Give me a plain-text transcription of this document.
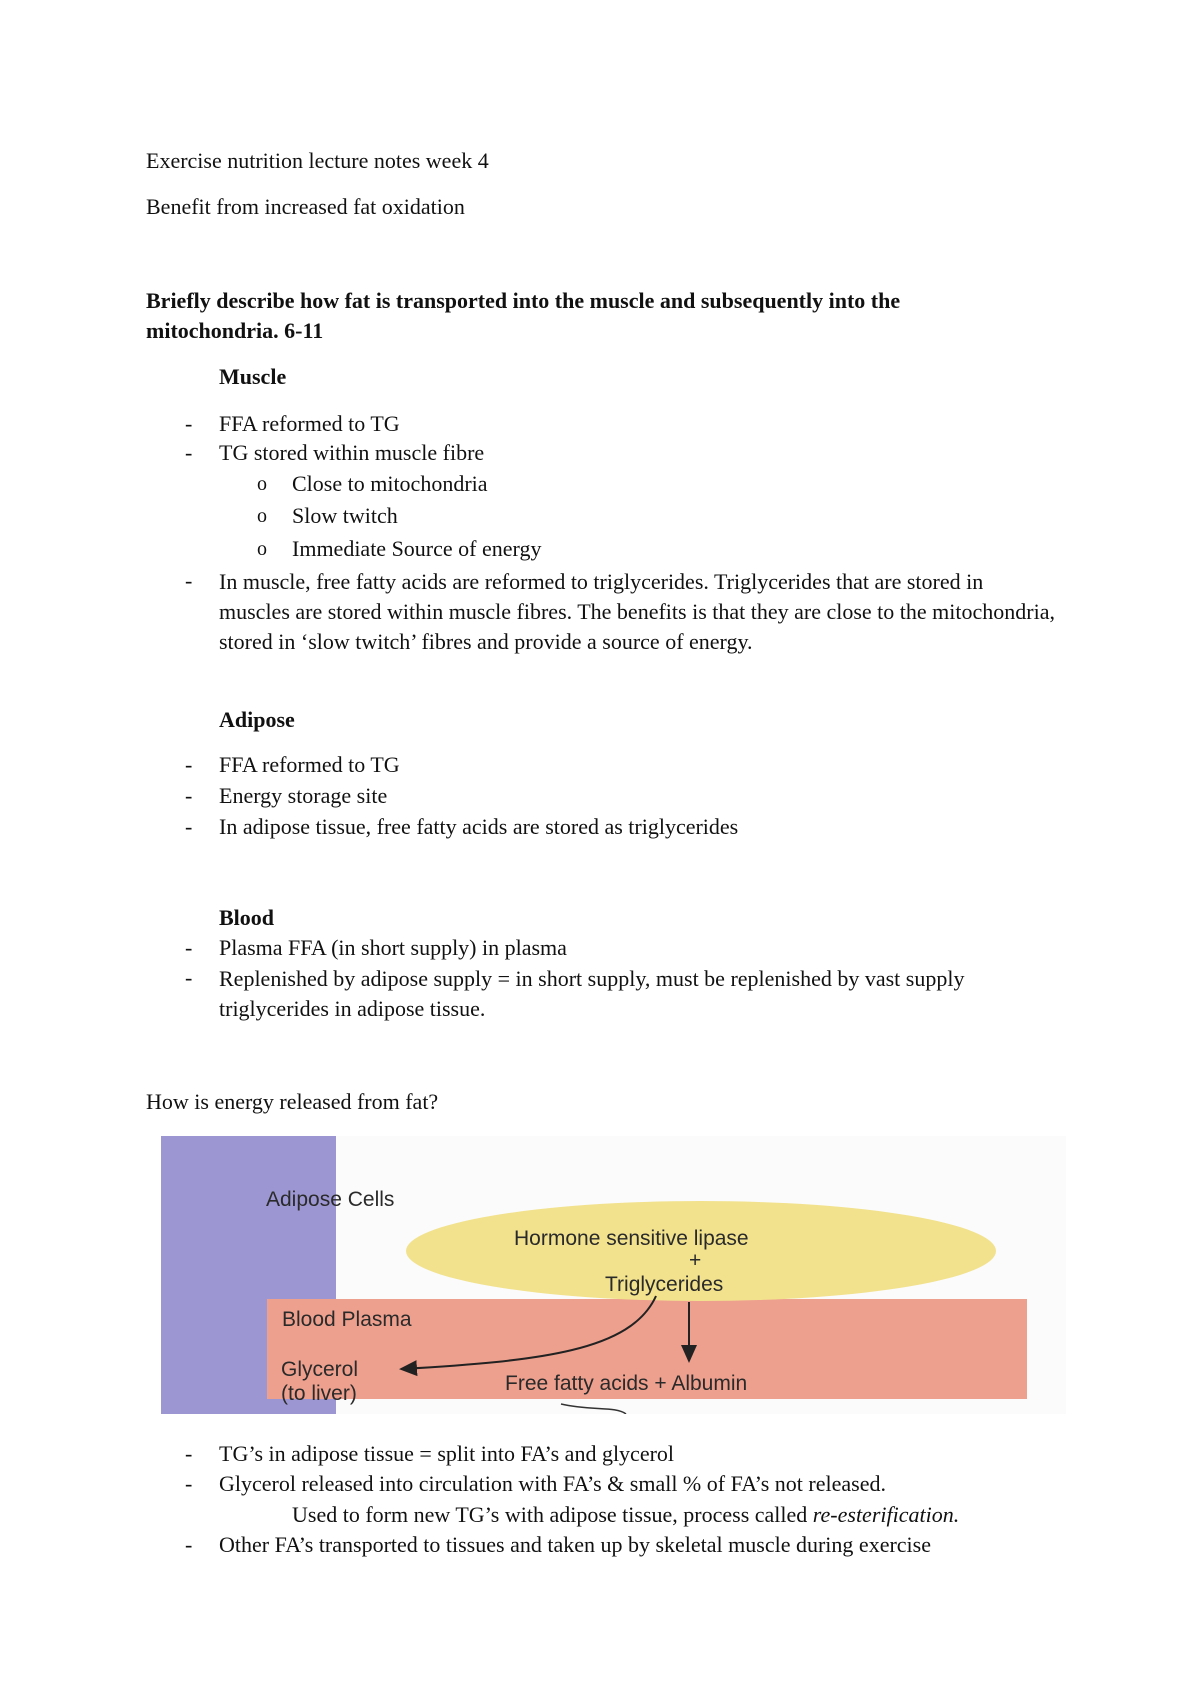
Exercise nutrition lecture notes week 4
Benefit from increased fat oxidation
Briefly describe how fat is transported into the muscle and subsequently into the
mitochondria. 6-11
Muscle
- FFA reformed to TG
- TG stored within muscle fibre
o Close to mitochondria
o Slow twitch
o Immediate Source of energy
- In muscle, free fatty acids are reformed to triglycerides. Triglycerides that are stored in muscles are stored within muscle fibres. The benefits is that they are close to the mitochondria, stored in ‘slow twitch’ fibres and provide a source of energy.
Adipose
- FFA reformed to TG
- Energy storage site
- In adipose tissue, free fatty acids are stored as triglycerides
Blood
- Plasma FFA (in short supply) in plasma
- Replenished by adipose supply = in short supply, must be replenished by vast supply triglycerides in adipose tissue.
How is energy released from fat?
Adipose Cells
Hormone sensitive lipase
+
Triglycerides
Blood Plasma
Glycerol
(to liver)	Free fatty acids + Albumin
- TG’s in adipose tissue = split into FA’s and glycerol
- Glycerol released into circulation with FA’s & small % of FA’s not released.
Used to form new TG’s with adipose tissue, process called re-esterification.
- Other FA’s transported to tissues and taken up by skeletal muscle during exercise
